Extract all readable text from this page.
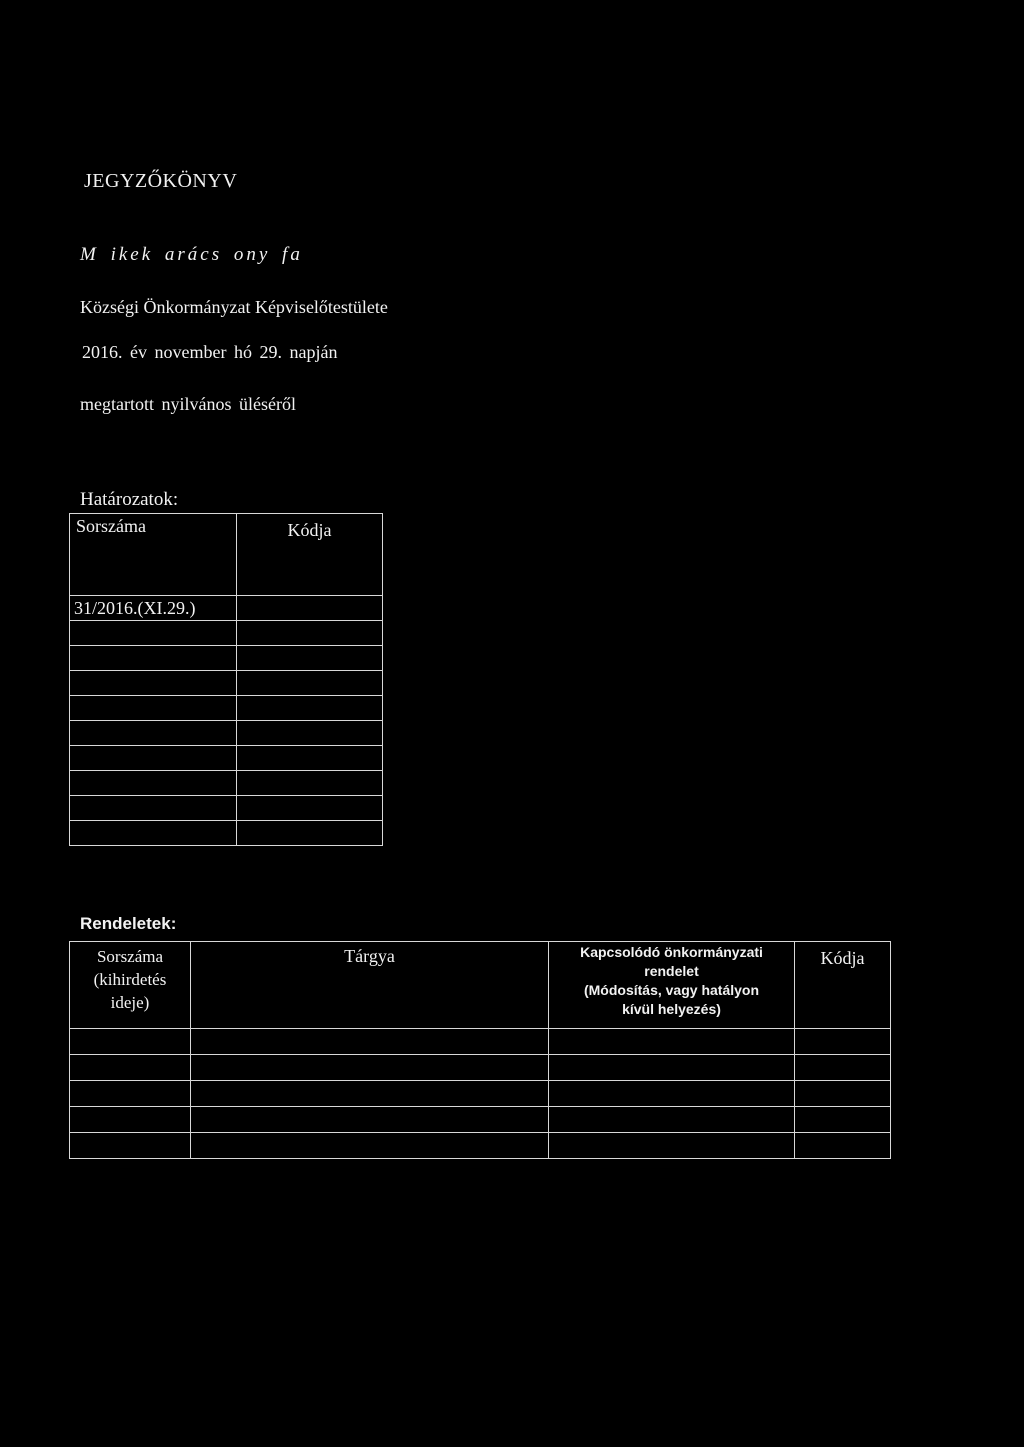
JEGYZŐKÖNYV
M ikek arács ony fa
Községi Önkormányzat Képviselőtestülete
2016. év november hó 29. napján
megtartott nyilvános üléséről
Határozatok:
Sorszáma	Kódja
31/2016.(XI.29.)	

Rendeletek:
Sorszáma
(kihirdetés
ideje)	Tárgya	Kapcsolódó önkormányzati
rendelet
(Módosítás, vagy hatályon
kívül helyezés)	Kódja
